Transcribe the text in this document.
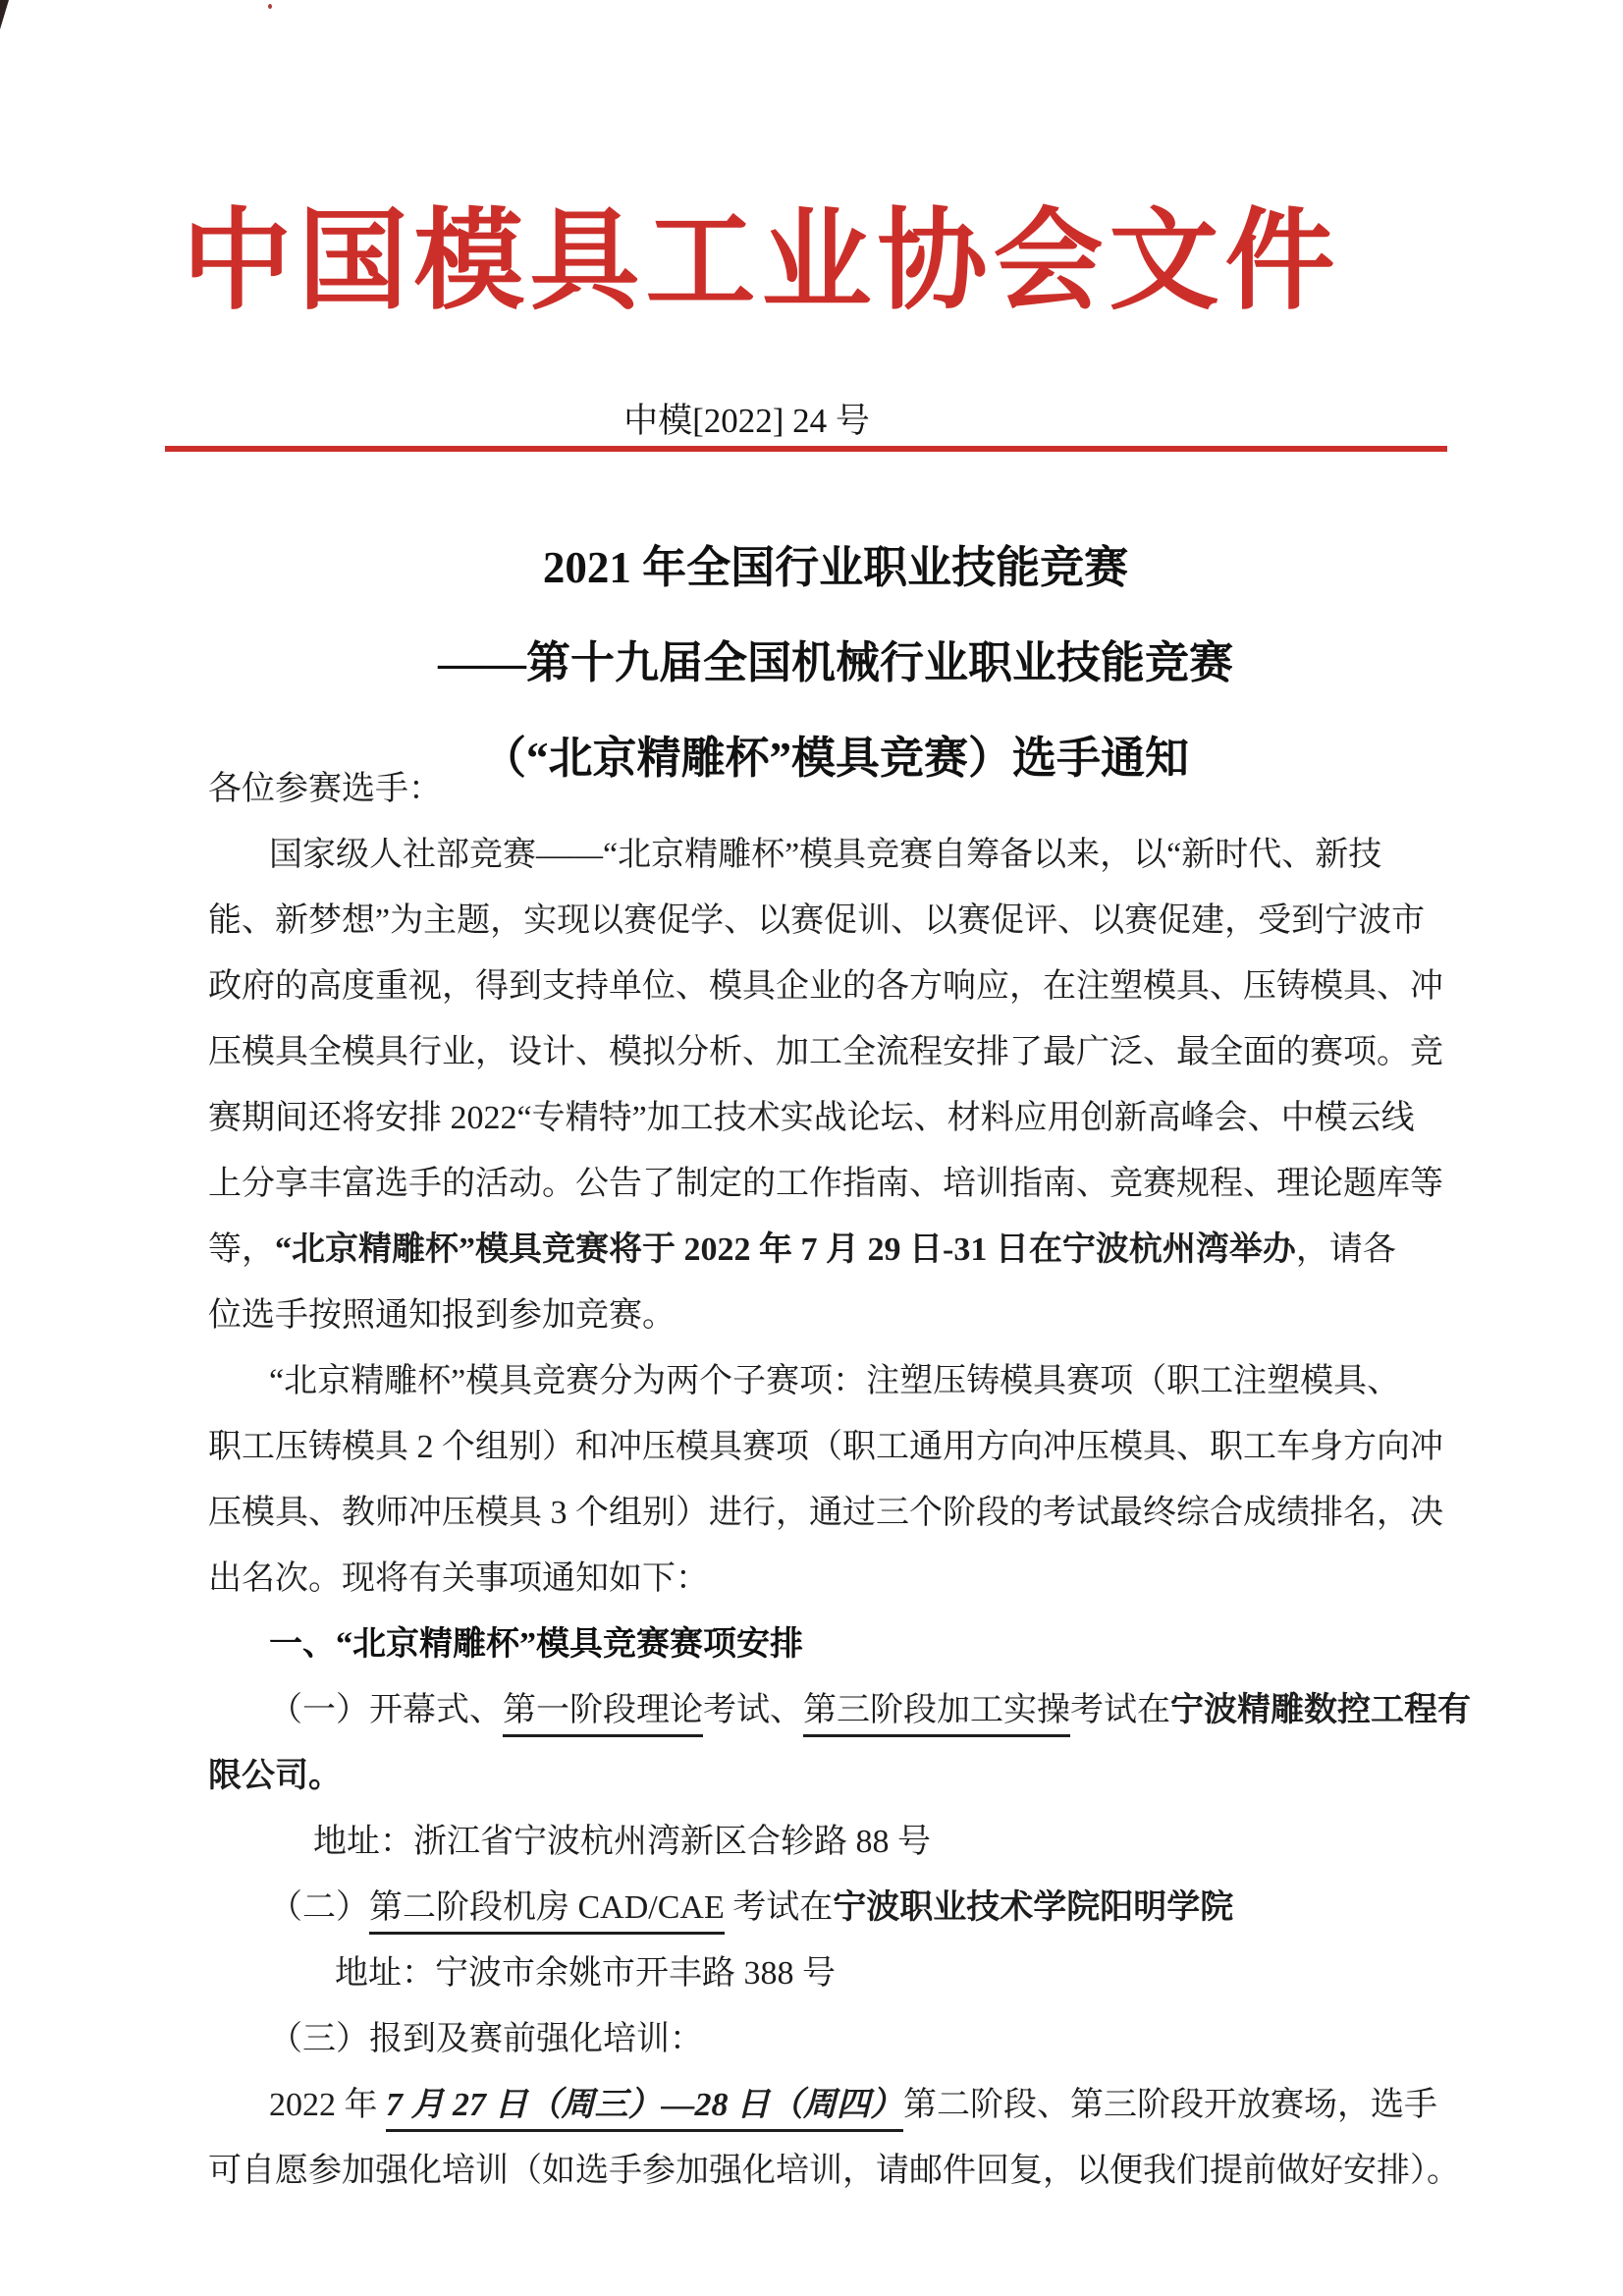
中国模具工业协会文件
中模[2022] 24 号
2021 年全国行业职业技能竞赛
——第十九届全国机械行业职业技能竞赛
（“北京精雕杯”模具竞赛）选手通知
各位参赛选手：
国家级人社部竞赛——“北京精雕杯”模具竞赛自筹备以来，以“新时代、新技
能、新梦想”为主题，实现以赛促学、以赛促训、以赛促评、以赛促建，受到宁波市
政府的高度重视，得到支持单位、模具企业的各方响应，在注塑模具、压铸模具、冲
压模具全模具行业，设计、模拟分析、加工全流程安排了最广泛、最全面的赛项。竞
赛期间还将安排 2022“专精特”加工技术实战论坛、材料应用创新高峰会、中模云线
上分享丰富选手的活动。公告了制定的工作指南、培训指南、竞赛规程、理论题库等
等，“北京精雕杯”模具竞赛将于 2022 年 7 月 29 日-31 日在宁波杭州湾举办，请各
位选手按照通知报到参加竞赛。
“北京精雕杯”模具竞赛分为两个子赛项：注塑压铸模具赛项（职工注塑模具、
职工压铸模具 2 个组别）和冲压模具赛项（职工通用方向冲压模具、职工车身方向冲
压模具、教师冲压模具 3 个组别）进行，通过三个阶段的考试最终综合成绩排名，决
出名次。现将有关事项通知如下：
一、“北京精雕杯”模具竞赛赛项安排
（一）开幕式、第一阶段理论考试、第三阶段加工实操考试在宁波精雕数控工程有
限公司。
地址：浙江省宁波杭州湾新区合轸路 88 号
（二）第二阶段机房 CAD/CAE 考试在宁波职业技术学院阳明学院
地址：宁波市余姚市开丰路 388 号
（三）报到及赛前强化培训：
2022 年 7 月 27 日（周三）—28 日（周四）第二阶段、第三阶段开放赛场，选手
可自愿参加强化培训（如选手参加强化培训，请邮件回复，以便我们提前做好安排）。
